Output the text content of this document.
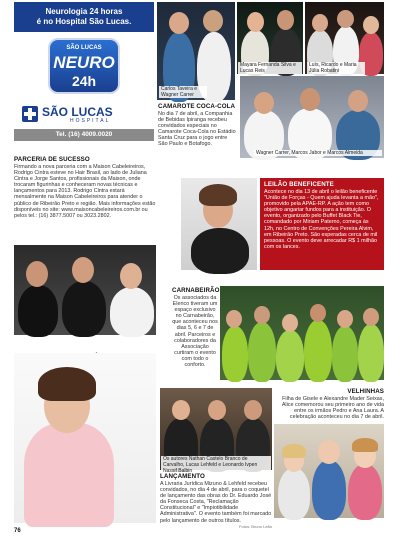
Neurologia 24 horas
é no Hospital São Lucas.
SÃO LUCAS
NEURO
24h
SÃO LUCAS
HOSPITAL
Tel. (16) 4009.0020
Carlos Taveira e Wagner Carrer
Mayara Fernanda Silva e Lucas Reis
Luís, Ricardo e Maria Júlia Robatini
CAMAROTE COCA-COLA
No dia 7 de abril, a Companhia de Bebidas Ipiranga recebeu convidados especiais no Camarote Coca-Cola no Estádio Santa Cruz para o jogo entre São Paulo e Botafogo.
Wagner Carrer, Marcos Jabor e Marcos Almeida
PARCERIA DE SUCESSO
Firmando a nova parceria com a Maison Cabeleireiros, Rodrigo Cintra esteve no Hair Brasil, ao lado de Juliana Cintra e Jorge Santos, profissionais da Maison, onde trocaram figurinhas e conheceram novas técnicas e lançamentos para 2013. Rodrigo Cintra estará mensalmente na Maison Cabeleireiros para atender o público de Ribeirão Preto e região. Mais informações estão disponíveis no site: www.maisoncabeleireiros.com.br ou pelos tel.: (16) 3877.5007 ou 3023.2802.
LEILÃO BENEFICENTE
Acontece no dia 13 de abril o leilão beneficente "União de Forças - Quem ajuda levanta a mão", promovido pela APAE-RP. A ação tem como objetivo angariar fundos para a instituição. O evento, organizado pelo Buffet Black Tie, comandado por Miriam Paterno, começa às 12h, no Centro de Convenções Pereira Alvim, em Ribeirão Preto. São esperadas cerca de mil pessoas. O evento deve arrecadar R$ 1 milhão com os lances.
CARNABEIRÃO
Os associados da Elenco tiveram um espaço exclusivo no Carnabeirão, que aconteceu nos dias 5, 6 e 7 de abril. Parceiros e colaboradores da Associação curtiram o evento com todo o conforto.
VELHINHAS
Filha de Gisele e Alexandre Mader Seixas, Alice comemorou seu primeiro ano de vida entre os irmãos Pedro e Ana Laura. A celebração aconteceu no dia 7 de abril.
Os autores Nathan Castelo Branco de Carvalho, Lucas Lehfeld e Leonardo Ivpen Nassif Balbin
LANÇAMENTO
A Livraria Jurídica Mizuno & Lehfeld recebeu convidados, no dia 4 de abril, para o coquetel de lançamento das obras do Dr. Eduardo José da Fonseca Costa, "Reclamação Constitucional" e "Impiotibilidade Administrativa". O evento também foi marcado pelo lançamento de outros títulos.
Fotos: Bruno Leão
76
